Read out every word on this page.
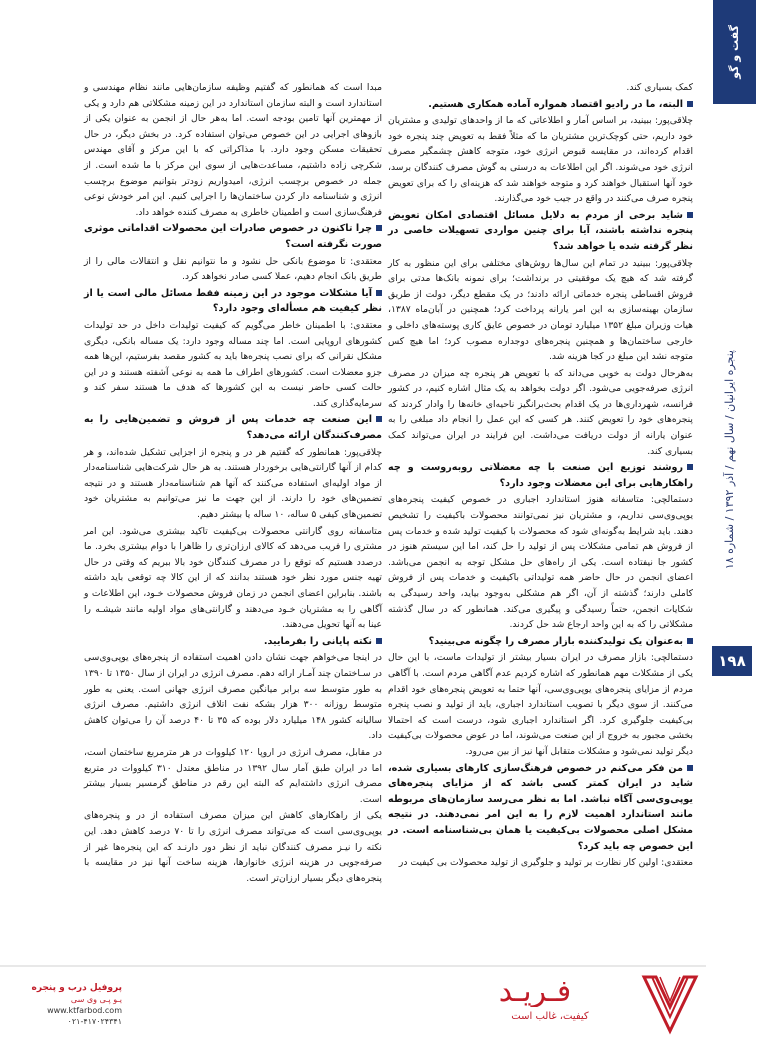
گفت و گو
پنجره ایرانیان / سال نهم / آذر ۱۳۹۲ / شماره ۱۸
۱۹۸

کمک بسیاری کند.

البته، ما در رادیو اقتصاد همواره آماده همکاری هستیم.

چلاقی‌پور: ببینید، بر اساس آمار و اطلاعاتی که ما از واحدهای تولیدی و مشتریان خود داریم، حتی کوچک‌ترین مشتریان ما که مثلاً فقط به تعویض چند پنجره خود اقدام کرده‌اند، در مقایسه قبوض انرژی خود، متوجه کاهش چشمگیر مصرف انرژی خود می‌شوند. اگر این اطلاعات به درستی به گوش مصرف کنندگان برسد، خود آنها استقبال خواهند کرد و متوجه خواهند شد که هزینه‌ای را که برای تعویض پنجره صرف می‌کنند در واقع در جیب خود می‌گذارند.

شاید برخی از مردم به دلایل مسائل اقتصادی امکان تعویض پنجره نداشته باشند، آیا برای چنین مواردی تسهیلات خاصی در نظر گرفته شده یا خواهد شد؟

چلاقی‌پور: ببینید در تمام این سال‌ها روش‌های مختلفی برای این منظور به کار گرفته شد که هیچ یک موفقیتی در برنداشت؛ برای نمونه بانک‌ها مدتی برای فروش اقساطی پنجره خدماتی ارائه دادند؛ در یک مقطع دیگر، دولت از طریق سازمان بهینه‌سازی به این امر یارانه پرداخت کرد؛ همچنین در آبان‌ماه ۱۳۸۷، هیات وزیران مبلغ ۱۳۵۲ میلیارد تومان در خصوص عایق کاری پوسته‌های داخلی و خارجی ساختمان‌ها و همچنین پنجره‌های دوجداره مصوب کرد؛ اما هیچ کس متوجه نشد این مبلغ در کجا هزینه شد.

به‌هرحال دولت به خوبی می‌داند که با تعویض هر پنجره چه میزان در مصرف انرژی صرفه‌جویی می‌شود. اگر دولت بخواهد به یک مثال اشاره کنیم، در کشور فرانسه، شهرداری‌ها در یک اقدام بحث‌برانگیز ناحیه‌ای خانه‌ها را وادار کردند که پنجره‌های خود را تعویض کنند. هر کسی که این عمل را انجام داد مبلغی را به عنوان یارانه از دولت دریافت می‌داشت. این فرایند در ایران می‌تواند کمک بسیاری کند.

روشند توزیع این صنعت با چه معضلاتی روبه‌روست و چه راهکارهایی برای این معضلات وجود دارد؟

دستمالچی: متاسفانه هنوز استاندارد اجباری در خصوص کیفیت پنجره‌های یوپی‌وی‌سی نداریم، و مشتریان نیز نمی‌توانند محصولات باکیفیت را تشخیص دهند. باید شرایط به‌گونه‌ای شود که محصولات با کیفیت تولید شده و خدمات پس از فروش هم تمامی مشکلات پس از تولید را حل کند، اما این سیستم هنوز در کشور جا نیفتاده است. یکی از راه‌های حل مشکل توجه به انجمن می‌باشد. اعضای انجمن در حال حاضر همه تولیداتی باکیفیت و خدمات پس از فروش کاملی دارند؛ گذشته از آن، اگر هم مشکلی به‌وجود بیاید، واحد رسیدگی به شکایات انجمن، حتماً رسیدگی و پیگیری می‌کند. همانطور که در سال گذشته مشکلاتی را که به این واحد ارجاع شد حل کردند.

به‌عنوان یک تولیدکننده بازار مصرف را چگونه می‌بینید؟

دستمالچی: بازار مصرف در ایران بسیار بیشتر از تولیدات ماست، با این حال یکی از مشکلات مهم همانطور که اشاره کردیم عدم آگاهی مردم است. با آگاهی مردم از مزایای پنجره‌های یوپی‌وی‌سی، آنها حتما به تعویض پنجره‌های خود اقدام می‌کنند. از سوی دیگر با تصویب استاندارد اجباری، باید از تولید و نصب پنجره بی‌کیفیت جلوگیری کرد. اگر استاندارد اجباری شود، درست است که احتمالا بخشی مجبور به خروج از این صنعت می‌شوند، اما در عوض محصولات بی‌کیفیت دیگر تولید نمی‌شود و مشکلات متقابل آنها نیز از بین می‌رود.

من فکر می‌کنم در خصوص فرهنگ‌سازی کارهای بسیاری شده، شاید در ایران کمتر کسی باشد که از مزایای پنجره‌های یوپی‌وی‌سی آگاه نباشد. اما به نظر می‌رسد سازمان‌های مربوطه مانند استاندارد اهمیت لازم را به این امر نمی‌دهند. در نتیجه مشکل اصلی محصولات بی‌کیفیت یا همان بی‌شناسنامه است. در این خصوص چه باید کرد؟

معتقدی: اولین کار نظارت بر تولید و جلوگیری از تولید محصولات بی کیفیت در

مبدا است که همانطور که گفتیم وظیفه سازمان‌هایی مانند نظام مهندسی و استاندارد است و البته سازمان استاندارد در این زمینه مشکلاتی هم دارد و یکی از مهمترین آنها تامین بودجه است. اما به‌هر حال از انجمن به عنوان یکی از بازوهای اجرایی در این خصوص می‌توان استفاده کرد. در بخش دیگر، در حال تحقیقات مسکن وجود دارد. با مذاکراتی که با این مرکز و آقای مهندس شکرچی زاده داشتیم، مساعدت‌هایی از سوی این مرکز با ما شده است. از جمله در خصوص برچسب انرژی، امیدواریم زودتر بتوانیم موضوع برچسب انرژی و شناسنامه دار کردن ساختمان‌ها را اجرایی کنیم. این امر خودش نوعی فرهنگ‌سازی است و اطمینان خاطری به مصرف کننده خواهد داد.

چرا تاکنون در خصوص صادرات این محصولات اقداماتی موثری صورت نگرفته است؟

معتقدی: تا موضوع بانکی حل نشود و ما نتوانیم نقل و انتقالات مالی را از طریق بانک انجام دهیم، عملا کسی صادر نخواهد کرد.

آیا مشکلات موجود در این زمینه فقط مسائل مالی است یا از نظر کیفیت هم مسأله‌ای وجود دارد؟

معتقدی: با اطمینان خاطر می‌گویم که کیفیت تولیدات داخل در حد تولیدات کشورهای اروپایی است. اما چند مساله وجود دارد: یک مساله بانکی، دیگری مشکل نقرانی که برای نصب پنجره‌ها باید به کشور مقصد بفرستیم، این‌ها همه جزو معضلات است. کشورهای اطراف ما همه به نوعی آشفته هستند و در این حالت کسی حاضر نیست به این کشورها که هدف ما هستند سفر کند و سرمایه‌گذاری کند.

این صنعت چه خدمات پس از فروش و تضمین‌هایی را به مصرف‌کنندگان ارائه می‌دهد؟

چلاقی‌پور: همانطور که گفتیم هر در و پنجره از اجزایی تشکیل شده‌اند، و هر کدام از آنها گارانتی‌هایی برخوردار هستند. به هر حال شرکت‌هایی شناسنامه‌دار از مواد اولیه‌ای استفاده می‌کنند که آنها هم شناسنامه‌دار هستند و در نتیجه تضمین‌های خود را دارند. از این جهت ما نیز می‌توانیم به مشتریان خود تضمین‌های کیفی ۵ ساله، ۱۰ ساله یا بیشتر دهیم.

متاسفانه روی گارانتی محصولات بی‌کیفیت تاکید بیشتری می‌شود. این امر مشتری را فریب می‌دهد که کالای ارزان‌تری را ظاهرا با دوام بیشتری بخرد. ما درصدد هستیم که توقع را در مصرف کنندگان خود بالا ببریم که وقتی در حال تهیه جنس مورد نظر خود هستند بدانند که از این کالا چه توقعی باید داشته باشند. بنابراین اعضای انجمن در زمان فروش محصولات خـود، این اطلاعات و آگاهی را به مشتریان خـود می‌دهند و گارانتی‌های مواد اولیه مانند شیشـه را عینا به آنها تحویل می‌دهند.

نکته پایانی را بفرمایید.

در اینجا می‌خواهم جهت نشان دادن اهمیت استفاده از پنجره‌های یوپی‌وی‌سی در سـاختمان چند آمـار ارائه دهم. مصرف انرژی در ایران از سال ۱۳۵۰ تا ۱۳۹۰ به طور متوسط سه برابر میانگین مصرف انرژی جهانی است. یعنی به طور متوسط روزانه ۳۰۰ هزار بشکه نفت اتلاف انرژی داشتیم. مصرف انرژی سالیانه کشور ۱۴۸ میلیارد دلار بوده که ۳۵ تا ۴۰ درصد آن را می‌توان کاهش داد.

در مقابل، مصرف انرژی در اروپا ۱۲۰ کیلووات در هر مترمربع ساختمان است، اما در ایران طبق آمار سال ۱۳۹۲ در مناطق معتدل ۳۱۰ کیلووات در متربع مصرف انرژی داشته‌ایم که البته این رقم در مناطق گرمسیر بسیار بیشتر است.

یکی از راهکارهای کاهش این میزان مصرف استفاده از در و پنجره‌های یوپی‌وی‌سی است که می‌تواند مصرف انرژی را تا ۷۰ درصد کاهش دهد. این نکته را نیـز مصرف کنندگان نباید از نظر دور دارنـد که این پنجره‌ها غیر از صرفه‌جویی در هزینه انرژی خانوارها، هزینه ساخت آنها نیز در مقایسه با پنجره‌های دیگر بسیار ارزان‌تر است.

پروفیل درب و پنجره
یـو پـی وی سی
www.ktfarbod.com
۰۲۱-۴۱۷۰۲۴۳۴۱
فـریـد
کیفیت، غالب است
